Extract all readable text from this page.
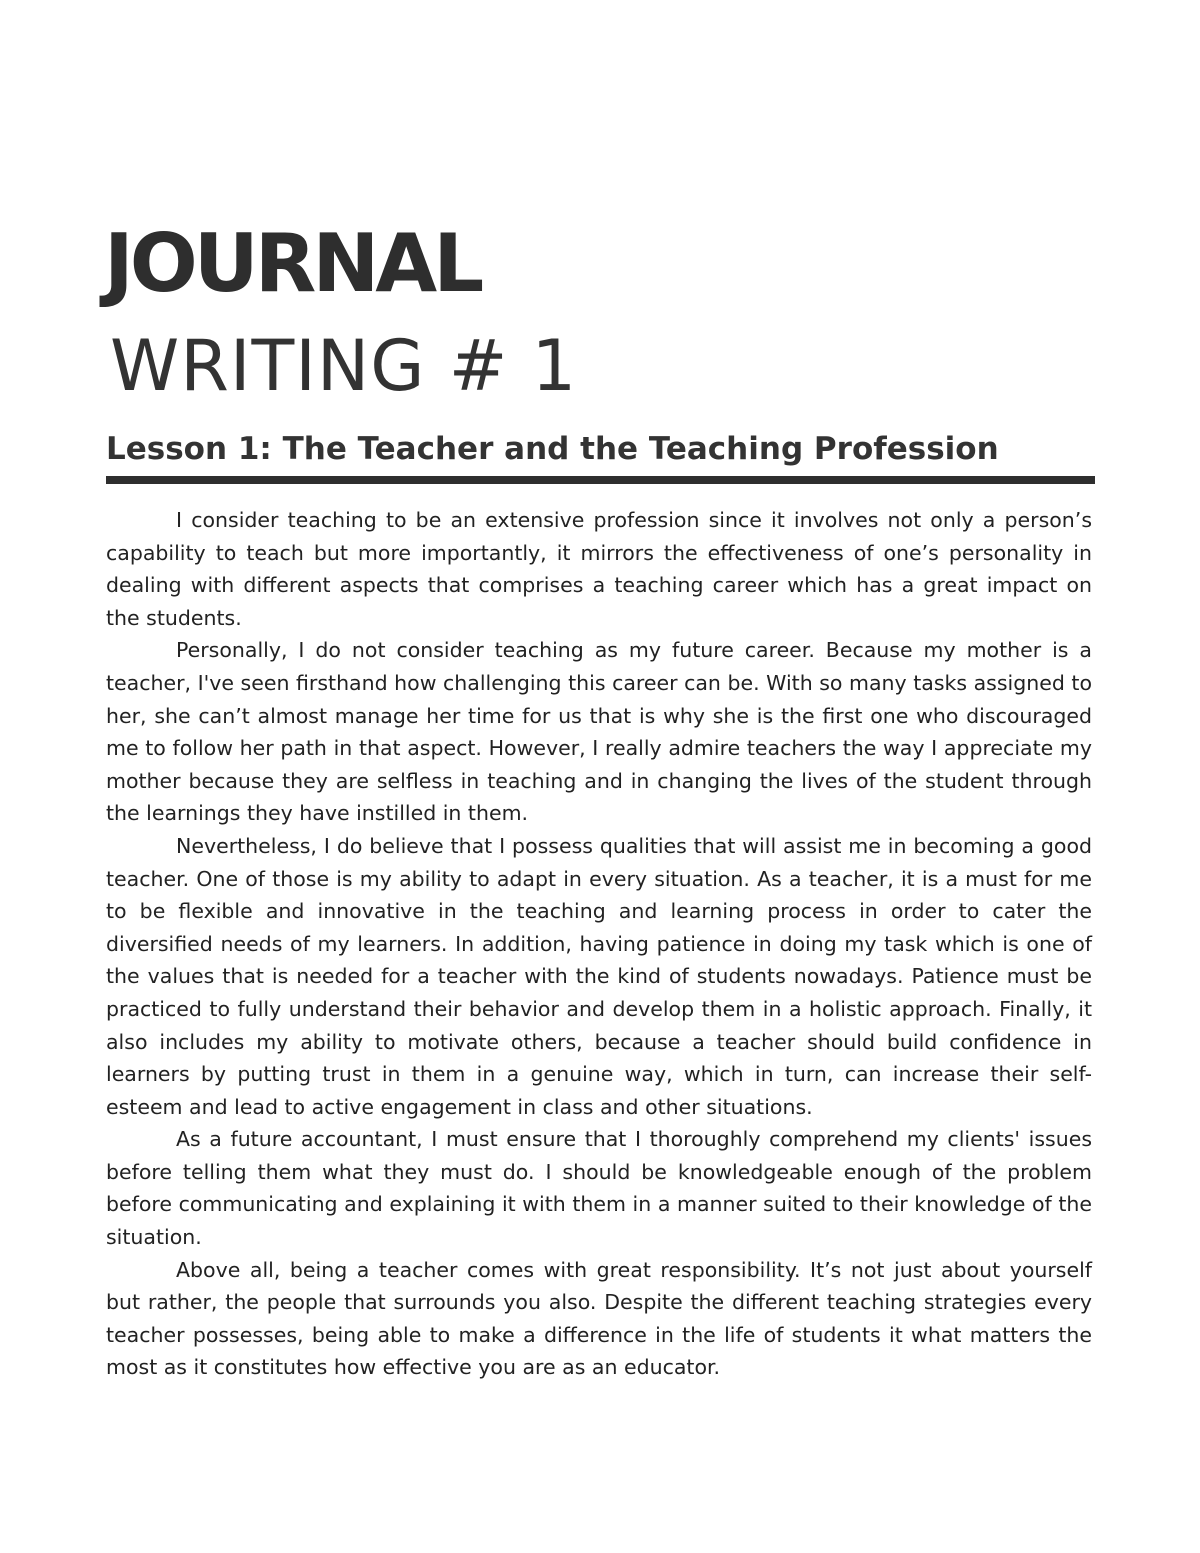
JOURNAL
WRITING # 1
Lesson 1: The Teacher and the Teaching Profession

I consider teaching to be an extensive profession since it involves not only a person’s capability to teach but more importantly, it mirrors the effectiveness of one’s personality in dealing with different aspects that comprises a teaching career which has a great impact on the students.

Personally, I do not consider teaching as my future career. Because my mother is a teacher, I've seen firsthand how challenging this career can be. With so many tasks assigned to her, she can’t almost manage her time for us that is why she is the first one who discouraged me to follow her path in that aspect. However, I really admire teachers the way I appreciate my mother because they are selfless in teaching and in changing the lives of the student through the learnings they have instilled in them.

Nevertheless, I do believe that I possess qualities that will assist me in becoming a good teacher. One of those is my ability to adapt in every situation. As a teacher, it is a must for me to be flexible and innovative in the teaching and learning process in order to cater the diversified needs of my learners. In addition, having patience in doing my task which is one of the values that is needed for a teacher with the kind of students nowadays. Patience must be practiced to fully understand their behavior and develop them in a holistic approach. Finally, it also includes my ability to motivate others, because a teacher should build confidence in learners by putting trust in them in a genuine way, which in turn, can increase their self-esteem and lead to active engagement in class and other situations.

As a future accountant, I must ensure that I thoroughly comprehend my clients' issues before telling them what they must do. I should be knowledgeable enough of the problem before communicating and explaining it with them in a manner suited to their knowledge of the situation.

Above all, being a teacher comes with great responsibility. It’s not just about yourself but rather, the people that surrounds you also. Despite the different teaching strategies every teacher possesses, being able to make a difference in the life of students it what matters the most as it constitutes how effective you are as an educator.
